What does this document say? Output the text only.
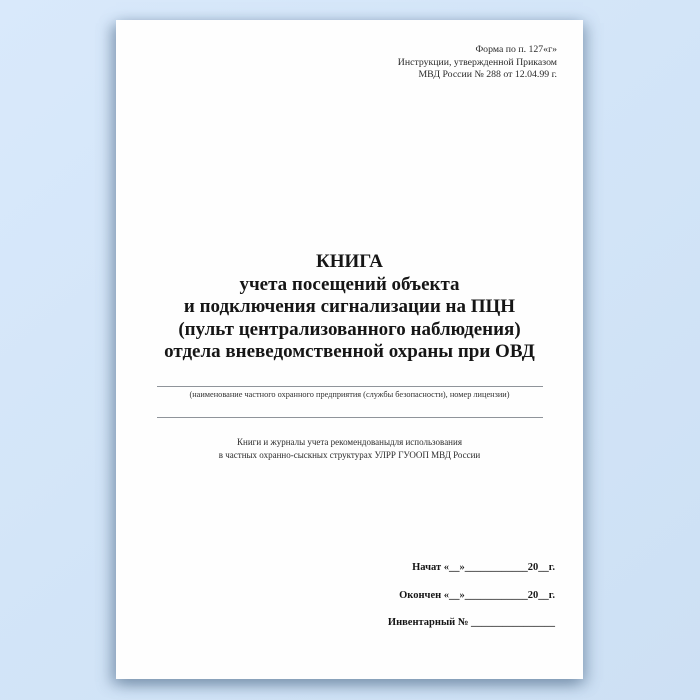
Форма по п. 127«г»
Инструкции, утвержденной Приказом
МВД России № 288 от 12.04.99 г.
КНИГА
учета посещений объекта
и подключения сигнализации на ПЦН
(пульт централизованного наблюдения)
отдела вневедомственной охраны при ОВД
(наименование частного охранного предприятия (службы безопасности), номер лицензии)
Книги и журналы учета рекомендованыдля использования
в частных охранно-сыскных структурах УЛРР ГУООП МВД России
Начат «__»____________20__г.
Окончен «__»____________20__г.
Инвентарный № ________________
